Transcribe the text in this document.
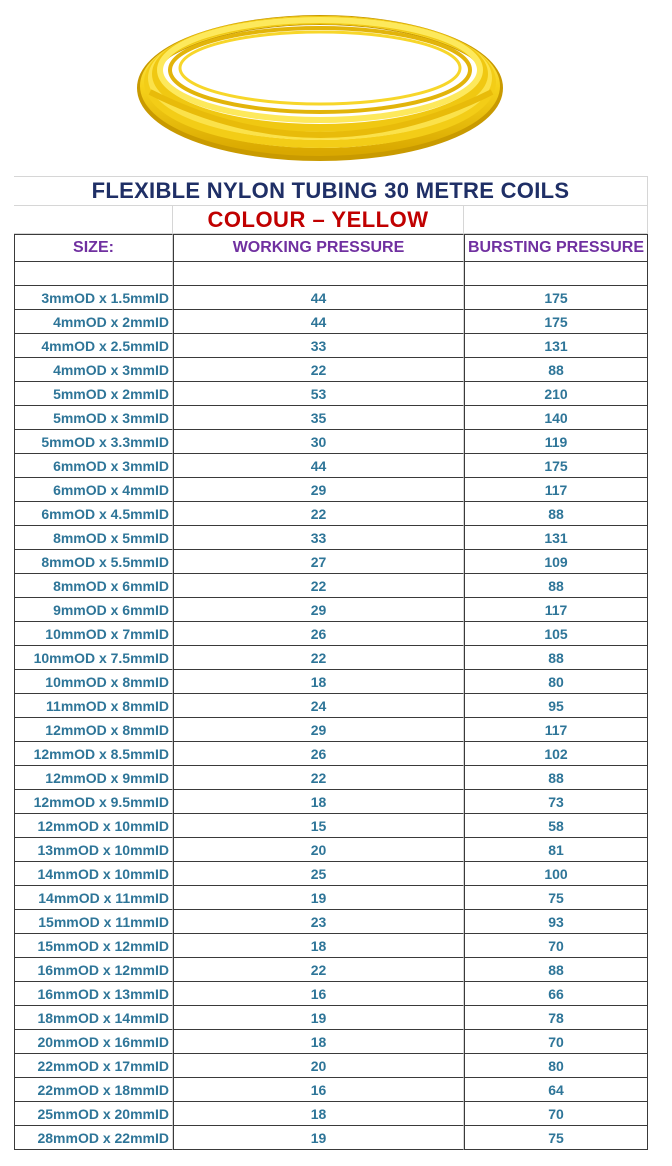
FLEXIBLE NYLON TUBING 30 METRE COILS
COLOUR – YELLOW
SIZE:	WORKING PRESSURE	BURSTING PRESSURE
3mmOD x 1.5mmID	44	175
4mmOD x 2mmID	44	175
4mmOD x 2.5mmID	33	131
4mmOD x 3mmID	22	88
5mmOD x 2mmID	53	210
5mmOD x 3mmID	35	140
5mmOD x 3.3mmID	30	119
6mmOD x 3mmID	44	175
6mmOD x 4mmID	29	117
6mmOD x 4.5mmID	22	88
8mmOD x 5mmID	33	131
8mmOD x 5.5mmID	27	109
8mmOD x 6mmID	22	88
9mmOD x 6mmID	29	117
10mmOD x 7mmID	26	105
10mmOD x 7.5mmID	22	88
10mmOD x 8mmID	18	80
11mmOD x 8mmID	24	95
12mmOD x 8mmID	29	117
12mmOD x 8.5mmID	26	102
12mmOD x 9mmID	22	88
12mmOD x 9.5mmID	18	73
12mmOD x 10mmID	15	58
13mmOD x 10mmID	20	81
14mmOD x 10mmID	25	100
14mmOD x 11mmID	19	75
15mmOD x 11mmID	23	93
15mmOD x 12mmID	18	70
16mmOD x 12mmID	22	88
16mmOD x 13mmID	16	66
18mmOD x 14mmID	19	78
20mmOD x 16mmID	18	70
22mmOD x 17mmID	20	80
22mmOD x 18mmID	16	64
25mmOD x 20mmID	18	70
28mmOD x 22mmID	19	75
